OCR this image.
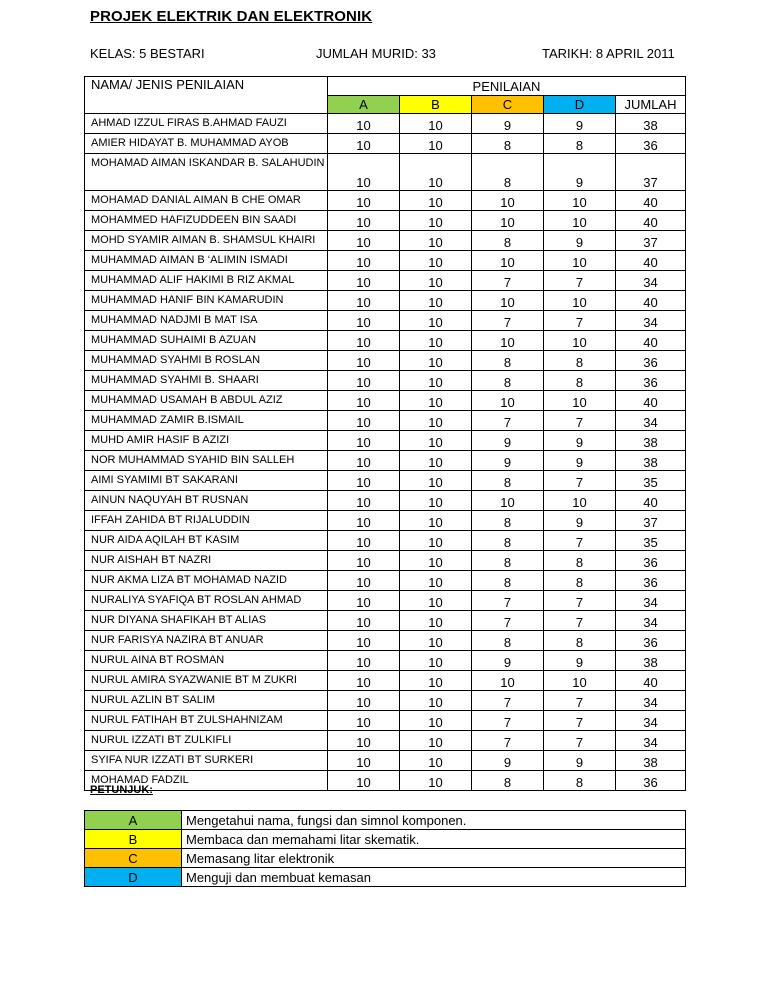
PROJEK ELEKTRIK DAN ELEKTRONIK
KELAS: 5 BESTARI	JUMLAH MURID: 33	TARIKH: 8 APRIL 2011
NAMA/ JENIS PENILAIAN	PENILAIAN				
	A	B	C	D	JUMLAH
AHMAD IZZUL FIRAS B.AHMAD FAUZI	10	10	9	9	38
AMIER HIDAYAT B. MUHAMMAD AYOB	10	10	8	8	36
MOHAMAD AIMAN ISKANDAR B. SALAHUDIN	10	10	8	9	37
MOHAMAD DANIAL AIMAN B CHE OMAR	10	10	10	10	40
MOHAMMED HAFIZUDDEEN BIN SAADI	10	10	10	10	40
MOHD SYAMIR AIMAN B. SHAMSUL KHAIRI	10	10	8	9	37
MUHAMMAD AIMAN B ‘ALIMIN ISMADI	10	10	10	10	40
MUHAMMAD ALIF HAKIMI B RIZ AKMAL	10	10	7	7	34
MUHAMMAD HANIF BIN KAMARUDIN	10	10	10	10	40
MUHAMMAD NADJMI B MAT ISA	10	10	7	7	34
MUHAMMAD SUHAIMI B AZUAN	10	10	10	10	40
MUHAMMAD SYAHMI B ROSLAN	10	10	8	8	36
MUHAMMAD SYAHMI B. SHAARI	10	10	8	8	36
MUHAMMAD USAMAH B ABDUL AZIZ	10	10	10	10	40
MUHAMMAD ZAMIR B.ISMAIL	10	10	7	7	34
MUHD AMIR HASIF B AZIZI	10	10	9	9	38
NOR MUHAMMAD SYAHID BIN SALLEH	10	10	9	9	38
AIMI SYAMIMI BT SAKARANI	10	10	8	7	35
AINUN NAQUYAH BT RUSNAN	10	10	10	10	40
IFFAH ZAHIDA BT RIJALUDDIN	10	10	8	9	37
NUR AIDA AQILAH BT KASIM	10	10	8	7	35
NUR AISHAH BT NAZRI	10	10	8	8	36
NUR AKMA LIZA BT MOHAMAD NAZID	10	10	8	8	36
NURALIYA SYAFIQA BT ROSLAN AHMAD	10	10	7	7	34
NUR DIYANA SHAFIKAH BT ALIAS	10	10	7	7	34
NUR FARISYA NAZIRA BT ANUAR	10	10	8	8	36
NURUL AINA BT ROSMAN	10	10	9	9	38
NURUL AMIRA SYAZWANIE BT M ZUKRI	10	10	10	10	40
NURUL AZLIN BT SALIM	10	10	7	7	34
NURUL FATIHAH BT ZULSHAHNIZAM	10	10	7	7	34
NURUL IZZATI BT ZULKIFLI	10	10	7	7	34
SYIFA NUR IZZATI BT SURKERI	10	10	9	9	38
MOHAMAD FADZIL	10	10	8	8	36
PETUNJUK:
A	Mengetahui nama, fungsi dan simnol komponen.
B	Membaca dan memahami litar skematik.
C	Memasang litar elektronik
D	Menguji dan membuat kemasan
